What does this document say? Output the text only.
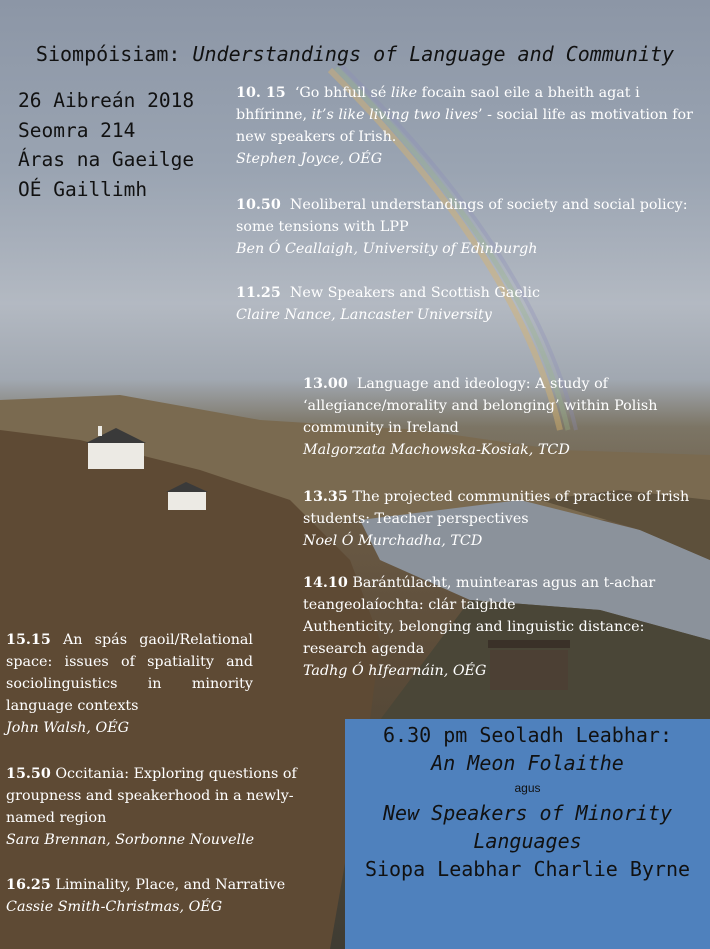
Siompóisiam: Understandings of Language and Community
26 Aibreán 2018
Seomra 214
Áras na Gaeilge
OÉ Gaillimh
10. 15 ‘Go bhfuil sé like focain saol eile a bheith agat i bhfírinne, it’s like living two lives’ - social life as motivation for new speakers of Irish.
Stephen Joyce, OÉG
10.50 Neoliberal understandings of society and social policy: some tensions with LPP
Ben Ó Ceallaigh, University of Edinburgh
11.25 New Speakers and Scottish Gaelic
Claire Nance, Lancaster University
13.00 Language and ideology: A study of ‘allegiance/morality and belonging’ within Polish community in Ireland
Malgorzata Machowska-Kosiak, TCD
13.35 The projected communities of practice of Irish students: Teacher perspectives
Noel Ó Murchadha, TCD
14.10 Barántúlacht, muintearas agus an t-achar teangeolaíochta: clár taighde
Authenticity, belonging and linguistic distance: research agenda
Tadhg Ó hIfearnáin, OÉG
15.15 An spás gaoil/Relational space: issues of spatiality and sociolinguistics in minority language contexts
John Walsh, OÉG
15.50 Occitania: Exploring questions of groupness and speakerhood in a newly-named region
Sara Brennan, Sorbonne Nouvelle
16.25 Liminality, Place, and Narrative
Cassie Smith-Christmas, OÉG
6.30 pm Seoladh Leabhar:
An Meon Folaithe
agus
New Speakers of Minority Languages
Siopa Leabhar Charlie Byrne
